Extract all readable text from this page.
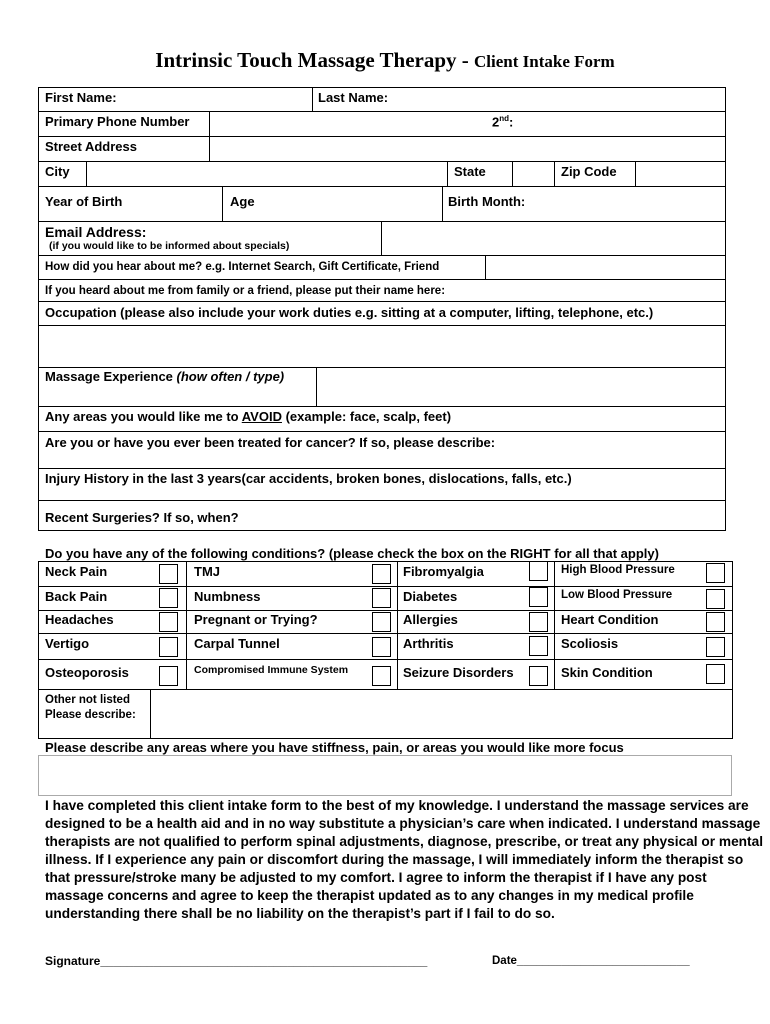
Intrinsic Touch Massage Therapy - Client Intake Form
First Name:	Last Name:
Primary Phone Number	2nd:
Street Address
City	State	Zip Code
Year of Birth	Age	Birth Month:
Email Address:
(if you would like to be informed about specials)
How did you hear about me? e.g. Internet Search, Gift Certificate, Friend
If you heard about me from family or a friend, please put their name here:
Occupation (please also include your work duties e.g. sitting at a computer, lifting, telephone, etc.)
Massage Experience (how often / type)
Any areas you would like me to AVOID (example: face, scalp, feet)
Are you or have you ever been treated for cancer? If so, please describe:
Injury History in the last 3 years(car accidents, broken bones, dislocations, falls, etc.)
Recent Surgeries? If so, when?
Do you have any of the following conditions? (please check the box on the RIGHT for all that apply)
Neck Pain	TMJ	Fibromyalgia	High Blood Pressure
Back Pain	Numbness	Diabetes	Low Blood Pressure
Headaches	Pregnant or Trying?	Allergies	Heart Condition
Vertigo	Carpal Tunnel	Arthritis	Scoliosis
Osteoporosis	Compromised Immune System	Seizure Disorders	Skin Condition
Other not listed
Please describe:
Please describe any areas where you have stiffness, pain, or areas you would like more focus

I have completed this client intake form to the best of my knowledge. I understand the massage services are designed to be a health aid and in no way substitute a physician’s care when indicated. I understand massage therapists are not qualified to perform spinal adjustments, diagnose, prescribe, or treat any physical or mental illness. If I experience any pain or discomfort during the massage, I will immediately inform the therapist so that pressure/stroke many be adjusted to my comfort. I agree to inform the therapist if I have any post massage concerns and agree to keep the therapist updated as to any changes in my medical profile understanding there shall be no liability on the therapist’s part if I fail to do so.

Signature_________________________________________________	Date___________________________
